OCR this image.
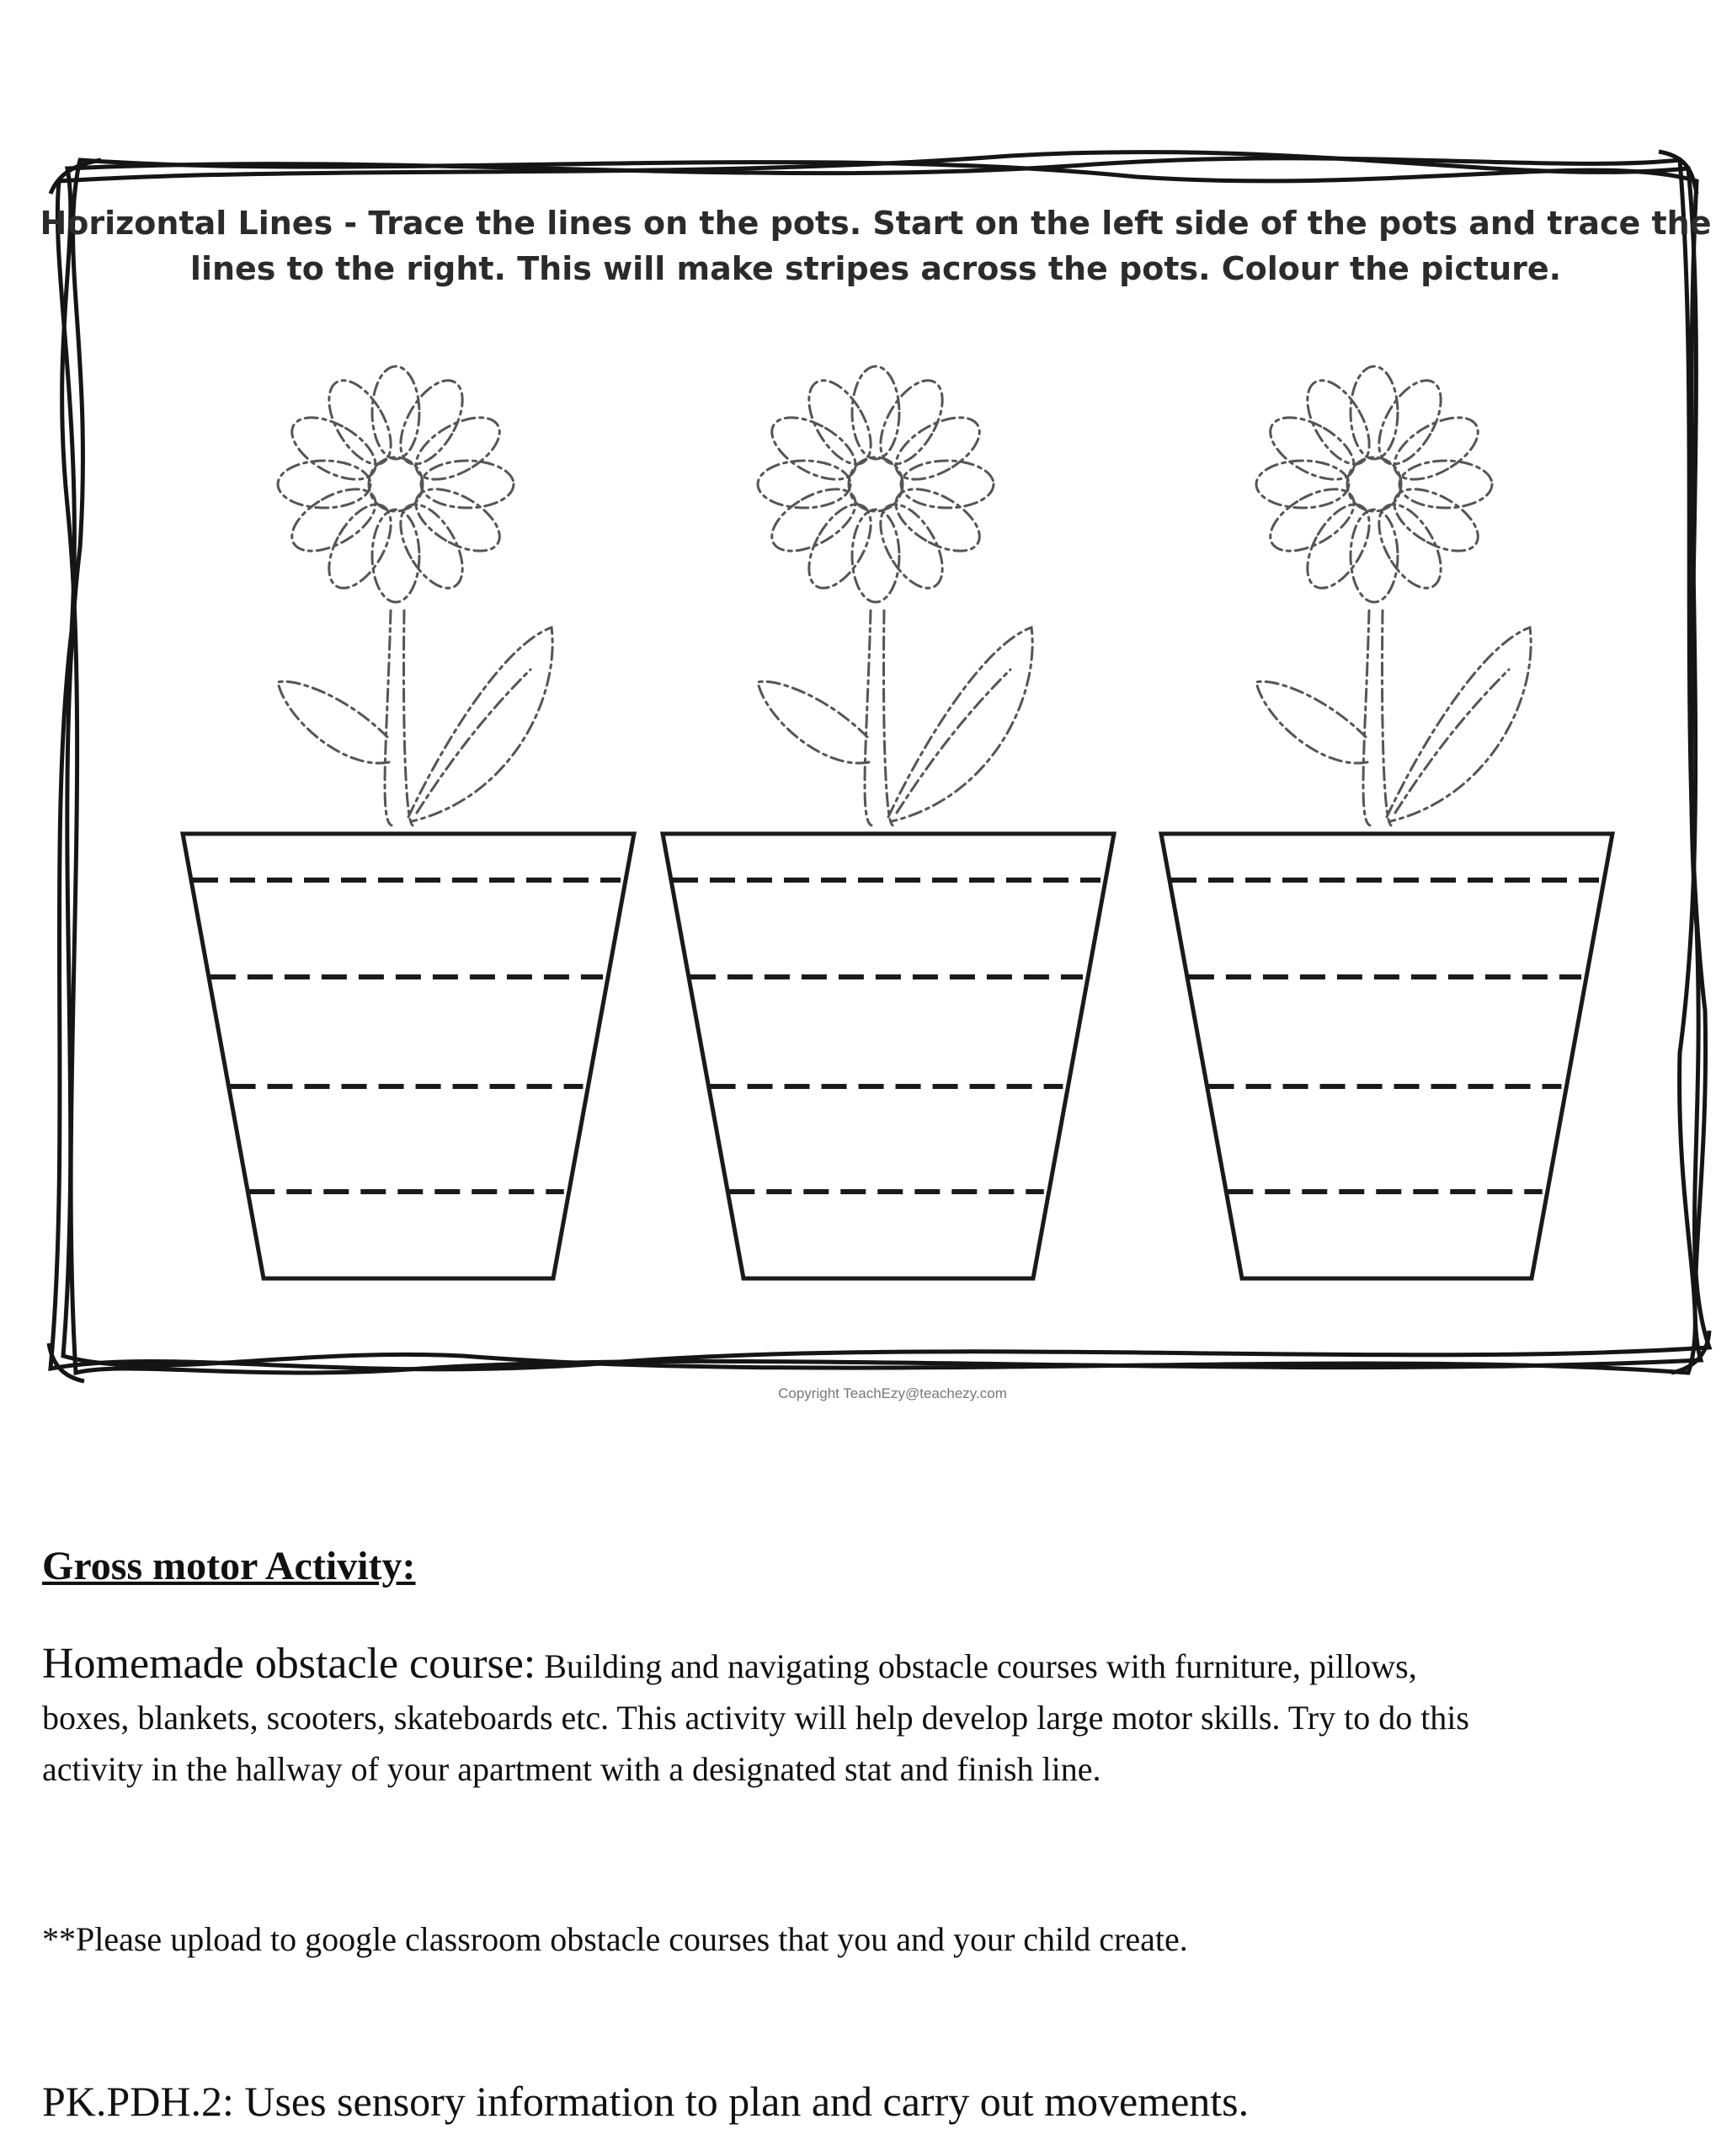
Horizontal Lines - Trace the lines on the pots. Start on the left side of the pots and trace the
lines to the right. This will make stripes across the pots. Colour the picture.
Copyright TeachEzy@teachezy.com
Gross motor Activity:

Homemade obstacle course: Building and navigating obstacle courses with furniture, pillows, boxes, blankets, scooters, skateboards etc. This activity will help develop large motor skills. Try to do this activity in the hallway of your apartment with a designated stat and finish line.

**Please upload to google classroom obstacle courses that you and your child create.

PK.PDH.2: Uses sensory information to plan and carry out movements.
